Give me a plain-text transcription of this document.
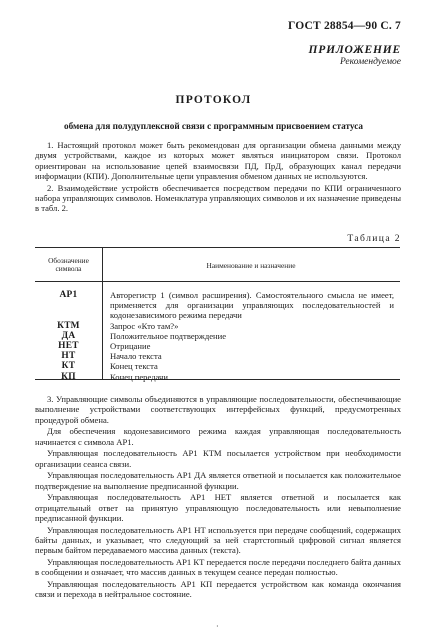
ГОСТ 28854—90 С. 7
ПРИЛОЖЕНИЕ
Рекомендуемое
ПРОТОКОЛ
обмена для полудуплексной связи с программным присвоением статуса

1. Настоящий протокол может быть рекомендован для организации обмена данными между двумя устройствами, каждое из которых может являться инициатором связи. Протокол ориентирован на использование цепей взаимосвязи ПД, ПрД, образующих канал передачи информации (КПИ). Дополнительные цепи управления обменом данных не используются.

2. Взаимодействие устройств обеспечивается посредством передачи по КПИ ограниченного набора управляющих символов. Номенклатура управляющих символов и их назначение приведены в табл. 2.

Таблица 2
Обозначение символа	Наименование и назначение
АР1
КТМ
ДА
НЕТ
НТ
КТ
КП
Авторегистр 1 (символ расширения). Самостоятельного смысла не имеет, применяется для организации управляющих последовательностей и кодонезависимого режима передачи
Запрос «Кто там?»
Положительное подтверждение
Отрицание
Начало текста
Конец текста
Конец передачи

3. Управляющие символы объединяются в управляющие последовательности, обеспечивающие выполнение устройствами соответствующих интерфейсных функций, предусмотренных процедурой обмена.

Для обеспечения кодонезависимого режима каждая управляющая последовательность начинается с символа АР1.

Управляющая последовательность АР1 КТМ посылается устройством при необходимости организации сеанса связи.

Управляющая последовательность АР1 ДА является ответной и посылается как положительное подтверждение на выполнение предписанной функции.

Управляющая последовательность АР1 НЕТ является ответной и посылается как отрицательный ответ на принятую управляющую последовательность или невыполнение предписанной функции.

Управляющая последовательность АР1 НТ используется при передаче сообщений, содержащих байты данных, и указывает, что следующий за ней стартстопный цифровой сигнал является первым байтом передаваемого массива данных (текста).

Управляющая последовательность АР1 КТ передается после передачи последнего байта данных в сообщении и означает, что массив данных в текущем сеансе передан полностью.

Управляющая последовательность АР1 КП передается устройством как команда окончания связи и перехода в нейтральное состояние.

·
